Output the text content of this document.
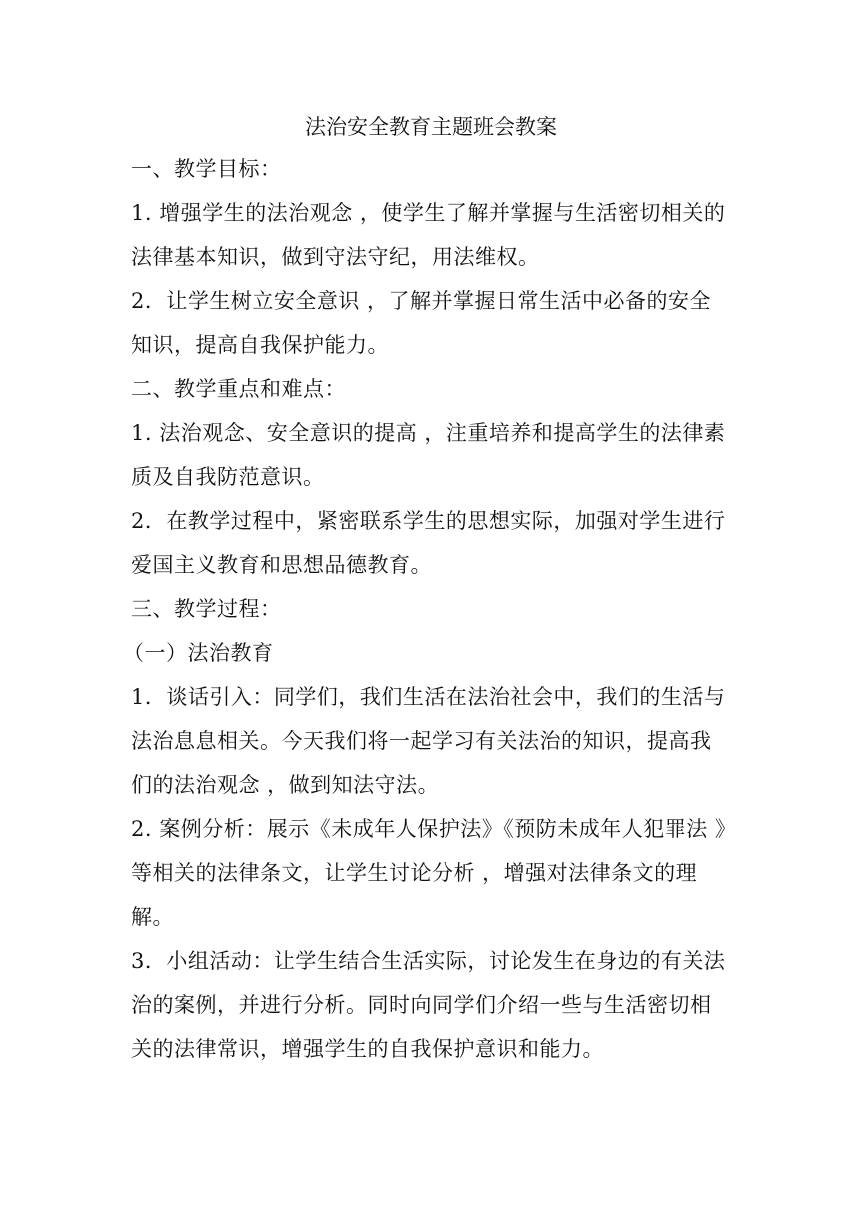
法治安全教育主题班会教案

一、教学目标：

1. 增强学生的法治观念 ，使学生了解并掌握与生活密切相关的法律基本知识，做到守法守纪，用法维权。

2．让学生树立安全意识 ，了解并掌握日常生活中必备的安全知识，提高自我保护能力。

二、教学重点和难点：

1. 法治观念、安全意识的提高 ，注重培养和提高学生的法律素质及自我防范意识。

2．在教学过程中，紧密联系学生的思想实际，加强对学生进行爱国主义教育和思想品德教育。

三、教学过程：

（一）法治教育

1．谈话引入：同学们，我们生活在法治社会中，我们的生活与法治息息相关。今天我们将一起学习有关法治的知识，提高我们的法治观念 ，做到知法守法。

2. 案例分析：展示《未成年人保护法》《预防未成年人犯罪法 》等相关的法律条文，让学生讨论分析 ，增强对法律条文的理解。

3．小组活动：让学生结合生活实际，讨论发生在身边的有关法治的案例，并进行分析。同时向同学们介绍一些与生活密切相关的法律常识，增强学生的自我保护意识和能力。
